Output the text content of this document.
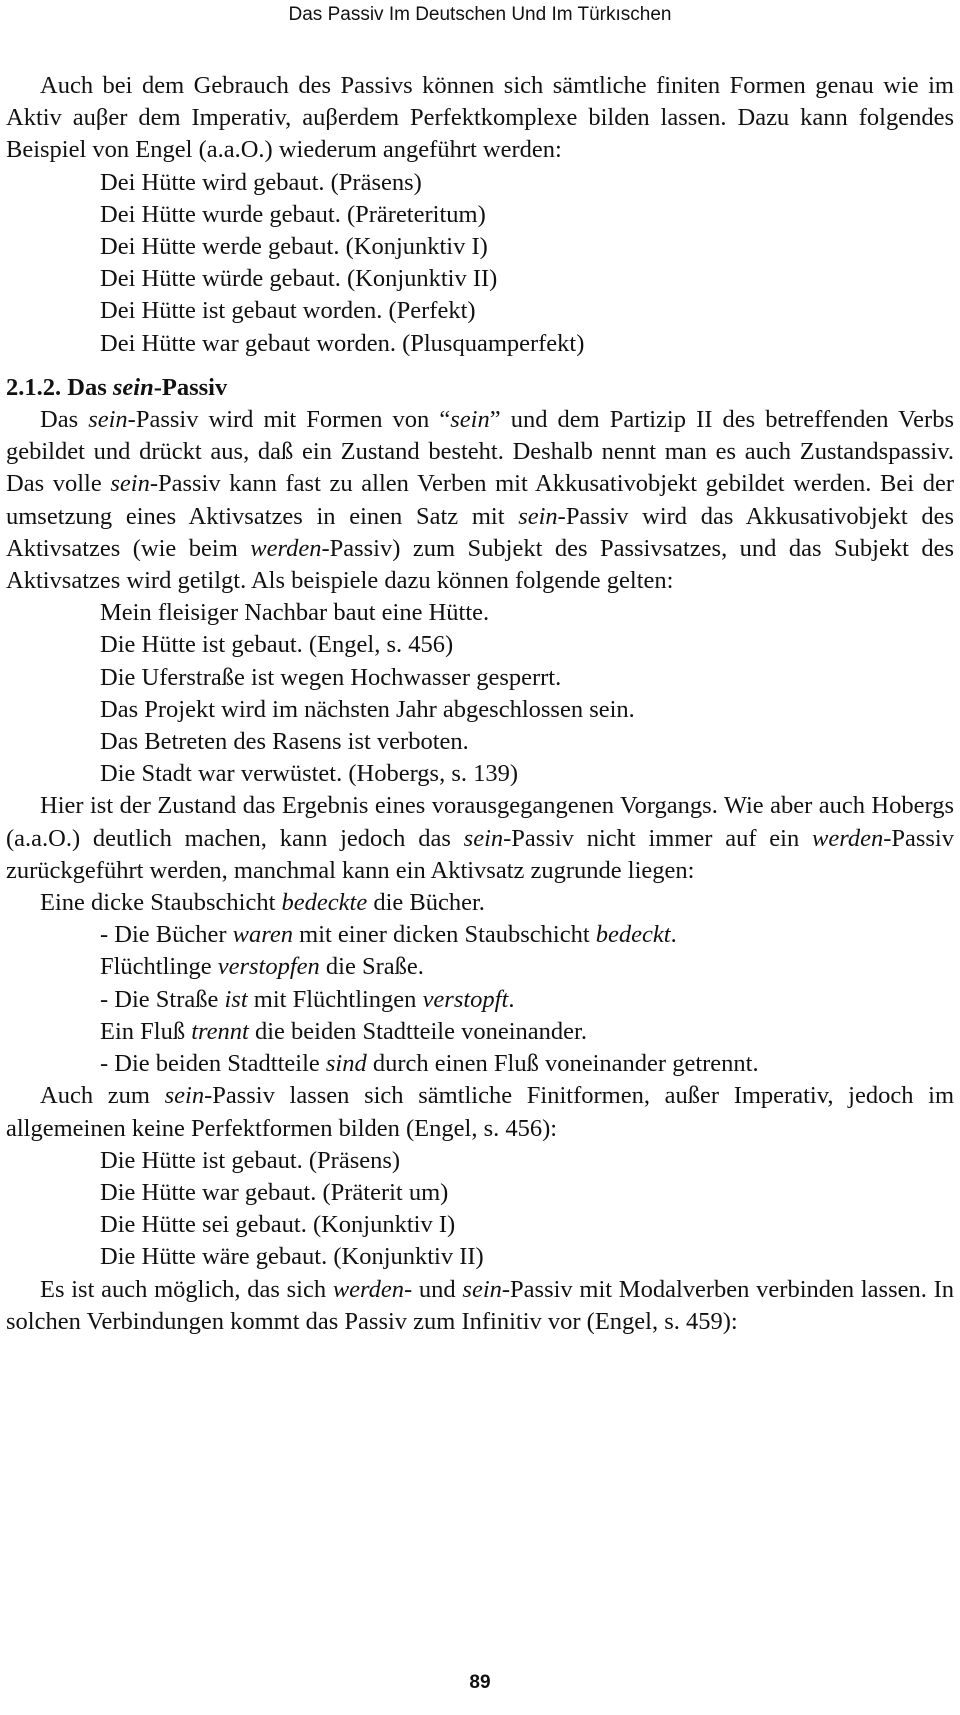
Das Passiv Im Deutschen Und Im Türkıschen

Auch bei dem Gebrauch des Passivs können sich sämtliche finiten Formen genau wie im Aktiv auβer dem Imperativ, auβerdem Perfektkomplexe bilden lassen. Dazu kann folgendes Beispiel von Engel (a.a.O.) wiederum angeführt werden:

Dei Hütte wird gebaut. (Präsens)

Dei Hütte wurde gebaut. (Präreteritum)

Dei Hütte werde gebaut. (Konjunktiv I)

Dei Hütte würde gebaut. (Konjunktiv II)

Dei Hütte ist gebaut worden. (Perfekt)

Dei Hütte war gebaut worden. (Plusquamperfekt)

2.1.2. Das sein-Passiv

Das sein-Passiv wird mit Formen von “sein” und dem Partizip II des betreffenden Verbs gebildet und drückt aus, daß ein Zustand besteht. Deshalb nennt man es auch Zustandspassiv. Das volle sein-Passiv kann fast zu allen Verben mit Akkusativobjekt gebildet werden. Bei der umsetzung eines Aktivsatzes in einen Satz mit sein-Passiv wird das Akkusativobjekt des Aktivsatzes (wie beim werden-Passiv) zum Subjekt des Passivsatzes, und das Subjekt des Aktivsatzes wird getilgt. Als beispiele dazu können folgende gelten:

Mein fleisiger Nachbar baut eine Hütte.

Die Hütte ist gebaut. (Engel, s. 456)

Die Uferstraße ist wegen Hochwasser gesperrt.

Das Projekt wird im nächsten Jahr abgeschlossen sein.

Das Betreten des Rasens ist verboten.

Die Stadt war verwüstet. (Hobergs, s. 139)

Hier ist der Zustand das Ergebnis eines vorausgegangenen Vorgangs. Wie aber auch Hobergs (a.a.O.) deutlich machen, kann jedoch das sein-Passiv nicht immer auf ein werden-Passiv zurückgeführt werden, manchmal kann ein Aktivsatz zugrunde liegen:

Eine dicke Staubschicht bedeckte die Bücher.

- Die Bücher waren mit einer dicken Staubschicht bedeckt.

Flüchtlinge verstopfen die Sraße.

- Die Straße ist mit Flüchtlingen verstopft.

Ein Fluß trennt die beiden Stadtteile voneinander.

- Die beiden Stadtteile sind durch einen Fluß voneinander getrennt.

Auch zum sein-Passiv lassen sich sämtliche Finitformen, außer Imperativ, jedoch im allgemeinen keine Perfektformen bilden (Engel, s. 456):

Die Hütte ist gebaut. (Präsens)

Die Hütte war gebaut. (Präterit um)

Die Hütte sei gebaut. (Konjunktiv I)

Die Hütte wäre gebaut. (Konjunktiv II)

Es ist auch möglich, das sich werden- und sein-Passiv mit Modalverben verbinden lassen. In solchen Verbindungen kommt das Passiv zum Infinitiv vor (Engel, s. 459):

89
